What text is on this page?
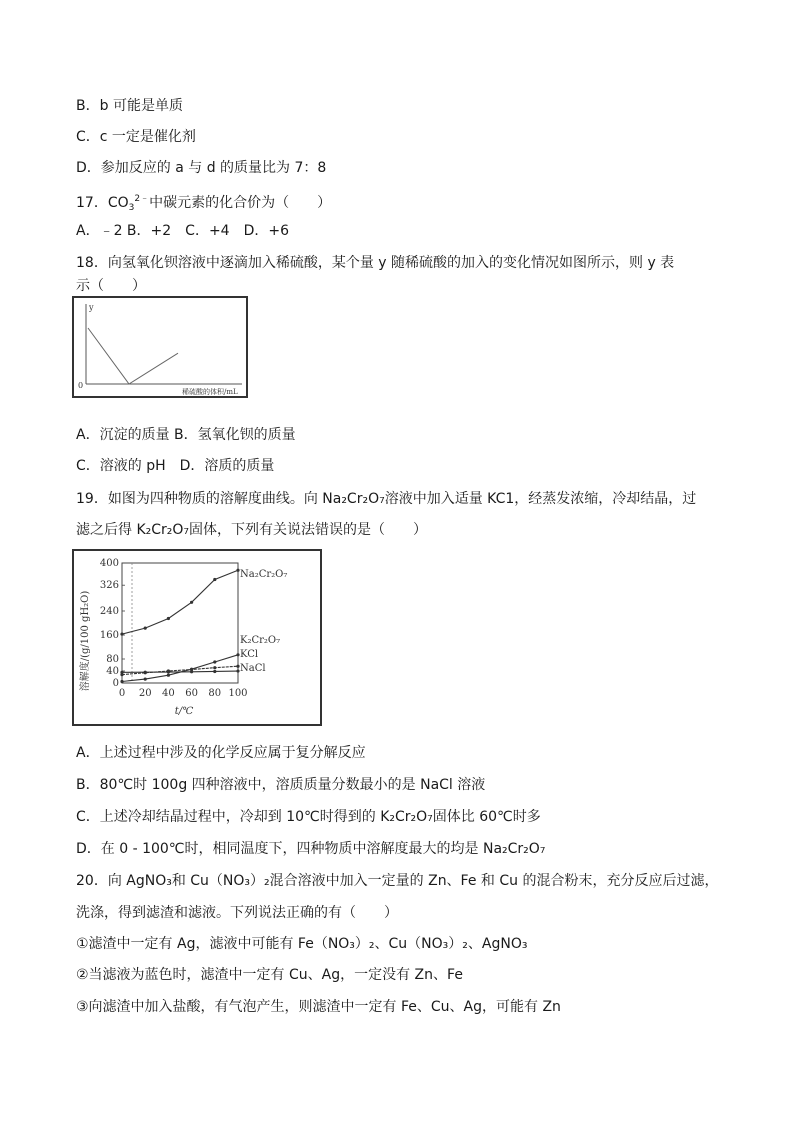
B．b 可能是单质
C．c 一定是催化剂
D．参加反应的 a 与 d 的质量比为 7：8
17．$CO_3^{2﹣}$中碳元素的化合价为（　　）
A．﹣2 B．+2　C．+4　D．+6
18．向氢氧化钡溶液中逐滴加入稀硫酸，某个量 y 随稀硫酸的加入的变化情况如图所示，则 y 表
示（　　）
y
0
稀硫酸的体积/mL
A．沉淀的质量 B．氢氧化钡的质量
C．溶液的 pH　D．溶质的质量
19．如图为四种物质的溶解度曲线。向 Na₂Cr₂O₇溶液中加入适量 KC1，经蒸发浓缩，冷却结晶，过
滤之后得 K₂Cr₂O₇固体，下列有关说法错误的是（　　）
溶解度/(g/100 gH₂O)
t/℃
Na₂Cr₂O₇
K₂Cr₂O₇
KCl
NaCl
0 20 40 60 80 100
0
40
80
160
240
326
400
A．上述过程中涉及的化学反应属于复分解反应
B．80℃时 100g 四种溶液中，溶质质量分数最小的是 NaCl 溶液
C．上述冷却结晶过程中，冷却到 10℃时得到的 K₂Cr₂O₇固体比 60℃时多
D．在 0 - 100℃时，相同温度下，四种物质中溶解度最大的均是 Na₂Cr₂O₇
20．向 AgNO₃和 Cu（NO₃）₂混合溶液中加入一定量的 Zn、Fe 和 Cu 的混合粉末，充分反应后过滤，
洗涤，得到滤渣和滤液。下列说法正确的有（　　）
①滤渣中一定有 Ag，滤液中可能有 Fe（NO₃）₂、Cu（NO₃）₂、AgNO₃
②当滤液为蓝色时，滤渣中一定有 Cu、Ag，一定没有 Zn、Fe
③向滤渣中加入盐酸，有气泡产生，则滤渣中一定有 Fe、Cu、Ag，可能有 Zn
